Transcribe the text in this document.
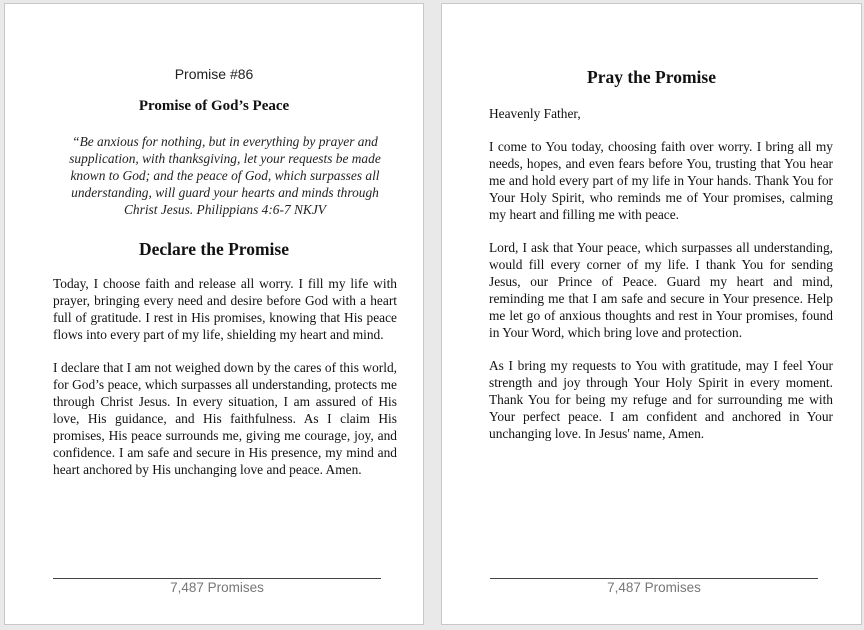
Promise #86
Promise of God’s Peace
“Be anxious for nothing, but in everything by prayer and supplication, with thanksgiving, let your requests be made known to God; and the peace of God, which surpasses all understanding, will guard your hearts and minds through Christ Jesus. Philippians 4:6-7 NKJV
Declare the Promise

Today, I choose faith and release all worry. I fill my life with prayer, bringing every need and desire before God with a heart full of gratitude. I rest in His promises, knowing that His peace flows into every part of my life, shielding my heart and mind.

I declare that I am not weighed down by the cares of this world, for God’s peace, which surpasses all understanding, protects me through Christ Jesus. In every situation, I am assured of His love, His guidance, and His faithfulness. As I claim His promises, His peace surrounds me, giving me courage, joy, and confidence. I am safe and secure in His presence, my mind and heart anchored by His unchanging love and peace. Amen.

7,487 Promises
Pray the Promise

Heavenly Father,

I come to You today, choosing faith over worry. I bring all my needs, hopes, and even fears before You, trusting that You hear me and hold every part of my life in Your hands. Thank You for Your Holy Spirit, who reminds me of Your promises, calming my heart and filling me with peace.

Lord, I ask that Your peace, which surpasses all understanding, would fill every corner of my life. I thank You for sending Jesus, our Prince of Peace. Guard my heart and mind, reminding me that I am safe and secure in Your presence. Help me let go of anxious thoughts and rest in Your promises, found in Your Word, which bring love and protection.

As I bring my requests to You with gratitude, may I feel Your strength and joy through Your Holy Spirit in every moment. Thank You for being my refuge and for surrounding me with Your perfect peace. I am confident and anchored in Your unchanging love. In Jesus' name, Amen.

7,487 Promises
